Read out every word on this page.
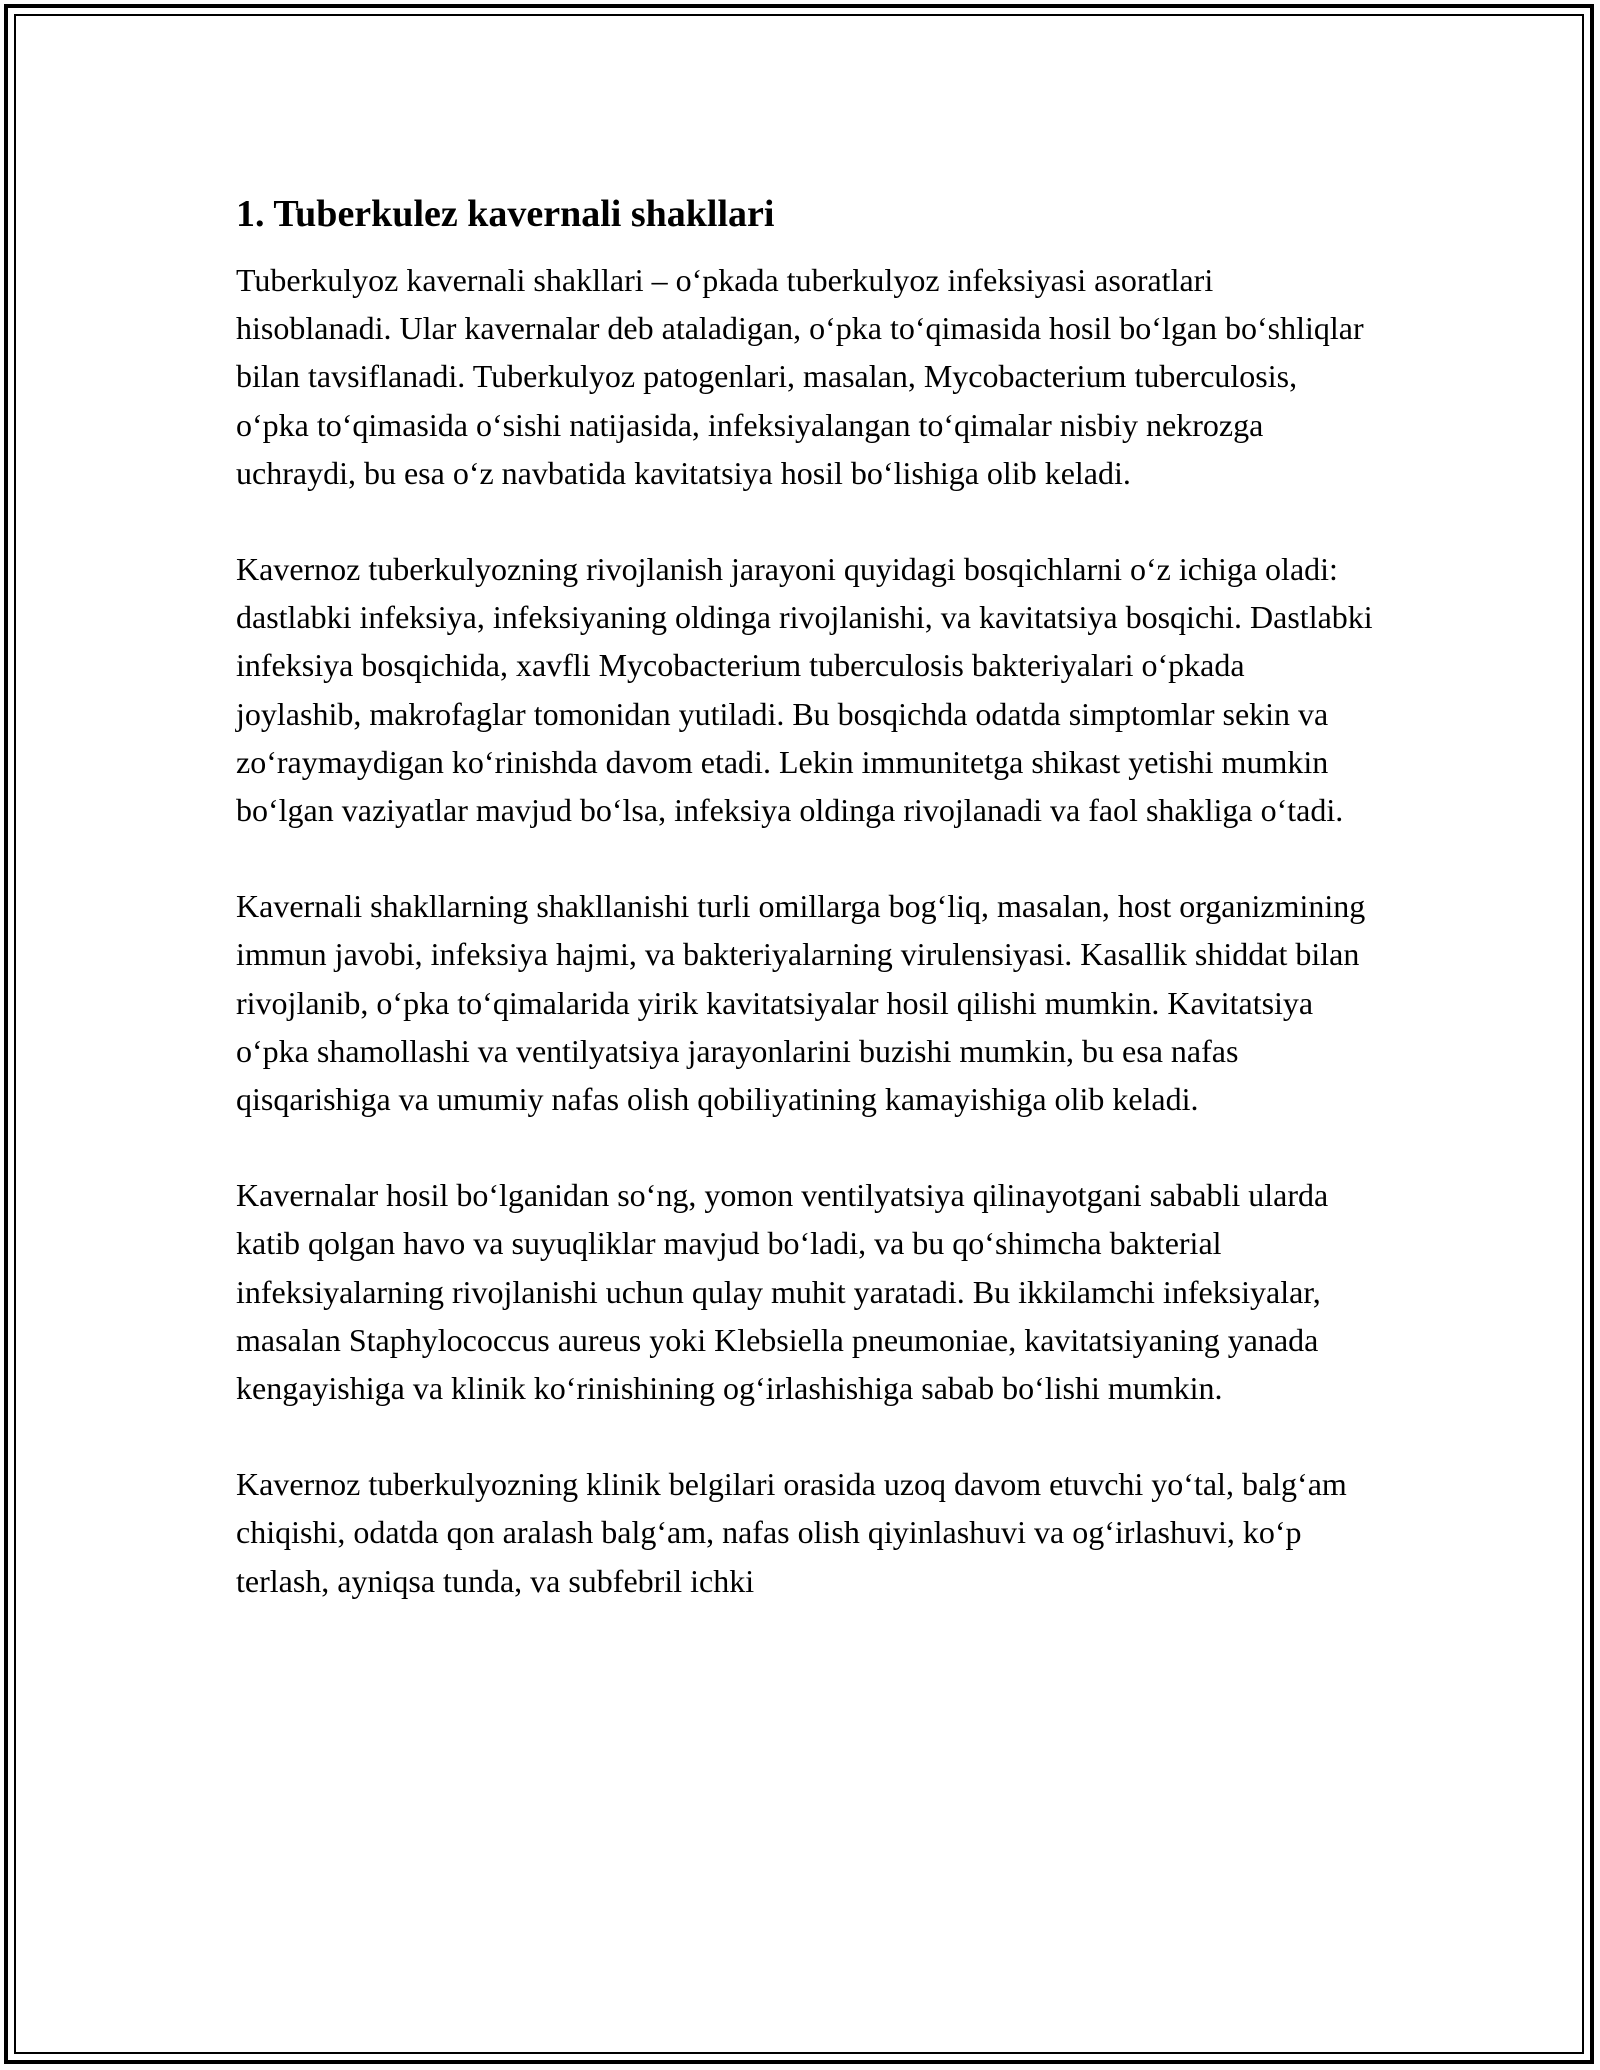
1. Tuberkulez kavernali shakllari

Tuberkulyoz kavernali shakllari – o‘pkada tuberkulyoz infeksiyasi asoratlari hisoblanadi. Ular kavernalar deb ataladigan, o‘pka to‘qimasida hosil bo‘lgan bo‘shliqlar bilan tavsiflanadi. Tuberkulyoz patogenlari, masalan, Mycobacterium tuberculosis, o‘pka to‘qimasida o‘sishi natijasida, infeksiyalangan to‘qimalar nisbiy nekrozga uchraydi, bu esa o‘z navbatida kavitatsiya hosil bo‘lishiga olib keladi.

Kavernoz tuberkulyozning rivojlanish jarayoni quyidagi bosqichlarni o‘z ichiga oladi: dastlabki infeksiya, infeksiyaning oldinga rivojlanishi, va kavitatsiya bosqichi. Dastlabki infeksiya bosqichida, xavfli Mycobacterium tuberculosis bakteriyalari o‘pkada joylashib, makrofaglar tomonidan yutiladi. Bu bosqichda odatda simptomlar sekin va zo‘raymaydigan ko‘rinishda davom etadi. Lekin immunitetga shikast yetishi mumkin bo‘lgan vaziyatlar mavjud bo‘lsa, infeksiya oldinga rivojlanadi va faol shakliga o‘tadi.

Kavernali shakllarning shakllanishi turli omillarga bog‘liq, masalan, host organizmining immun javobi, infeksiya hajmi, va bakteriyalarning virulensiyasi. Kasallik shiddat bilan rivojlanib, o‘pka to‘qimalarida yirik kavitatsiyalar hosil qilishi mumkin. Kavitatsiya o‘pka shamollashi va ventilyatsiya jarayonlarini buzishi mumkin, bu esa nafas qisqarishiga va umumiy nafas olish qobiliyatining kamayishiga olib keladi.

Kavernalar hosil bo‘lganidan so‘ng, yomon ventilyatsiya qilinayotgani sababli ularda katib qolgan havo va suyuqliklar mavjud bo‘ladi, va bu qo‘shimcha bakterial infeksiyalarning rivojlanishi uchun qulay muhit yaratadi. Bu ikkilamchi infeksiyalar, masalan Staphylococcus aureus yoki Klebsiella pneumoniae, kavitatsiyaning yanada kengayishiga va klinik ko‘rinishining og‘irlashishiga sabab bo‘lishi mumkin.

Kavernoz tuberkulyozning klinik belgilari orasida uzoq davom etuvchi yo‘tal, balg‘am chiqishi, odatda qon aralash balg‘am, nafas olish qiyinlashuvi va og‘irlashuvi, ko‘p terlash, ayniqsa tunda, va subfebril ichki
